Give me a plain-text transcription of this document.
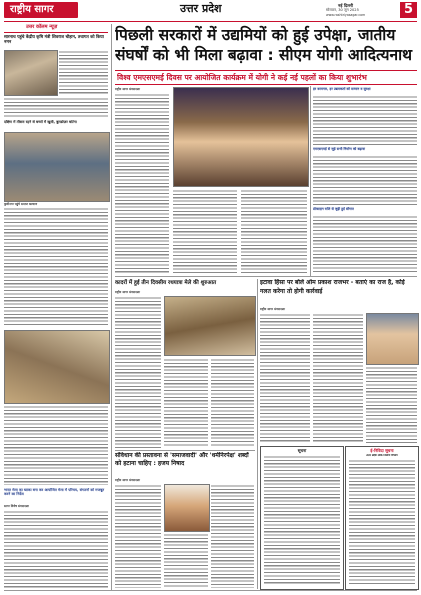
राष्ट्रीय सागर	उत्तर प्रदेश	नई दिल्ली
सोमवार, 30 जून 2025
www.rashtriyasagar.com	5
उत्तर कॉलम न्यूज़
सारनाथ पहुंचे केंद्रीय कृषि मंत्री शिवराज चौहान, तथागत को किया नमन
दक्षिण में तीसरा रहने से बच्चों में खुशी, बुलडोज़र बांटेगा
कुशीनगर पहुंचे समाज कल्याण
भारत मेला का खाका बना कर आयोजित मेला में परिचय, संगठनों को मजबूत करने का निर्देश
सागर विशेष संवाददाता
पिछली सरकारों में उद्यमियों को हुई उपेक्षा, जातीय संघर्षों को भी मिला बढ़ावा : सीएम योगी आदित्यनाथ
विश्व एमएसएमई दिवस पर आयोजित कार्यक्रम में योगी ने कई नई पहलों का किया शुभारंभ
राष्ट्रीय सागर संवाददाता	हर कामगार, हर उद्यमकर्ता को सम्मान व सुरक्षा
एमएसएमई से जुड़े सभी निर्माण को बढ़ावा
प्रोत्साहन राशि से जुड़ी हुई सौगात
कादरों में हुई तीन दिवसीय रथयात्रा मेले की शुरुआत
राष्ट्रीय सागर संवाददाता
इटावा हिंसा पर बोले ओम प्रकाश राजभर - बताएं का राज है, कोई गलत करेगा तो होगी कार्रवाई
राष्ट्रीय सागर संवाददाता
संविधान की प्रस्तावना से 'समाजवादी' और 'धर्मनिरपेक्ष' शब्दों को हटाना चाहिए : हजय निषाद
राष्ट्रीय सागर संवाददाता
सूचना	ई-निविदा सूचना
उत्तर प्रदेश लोक निर्माण विभाग
